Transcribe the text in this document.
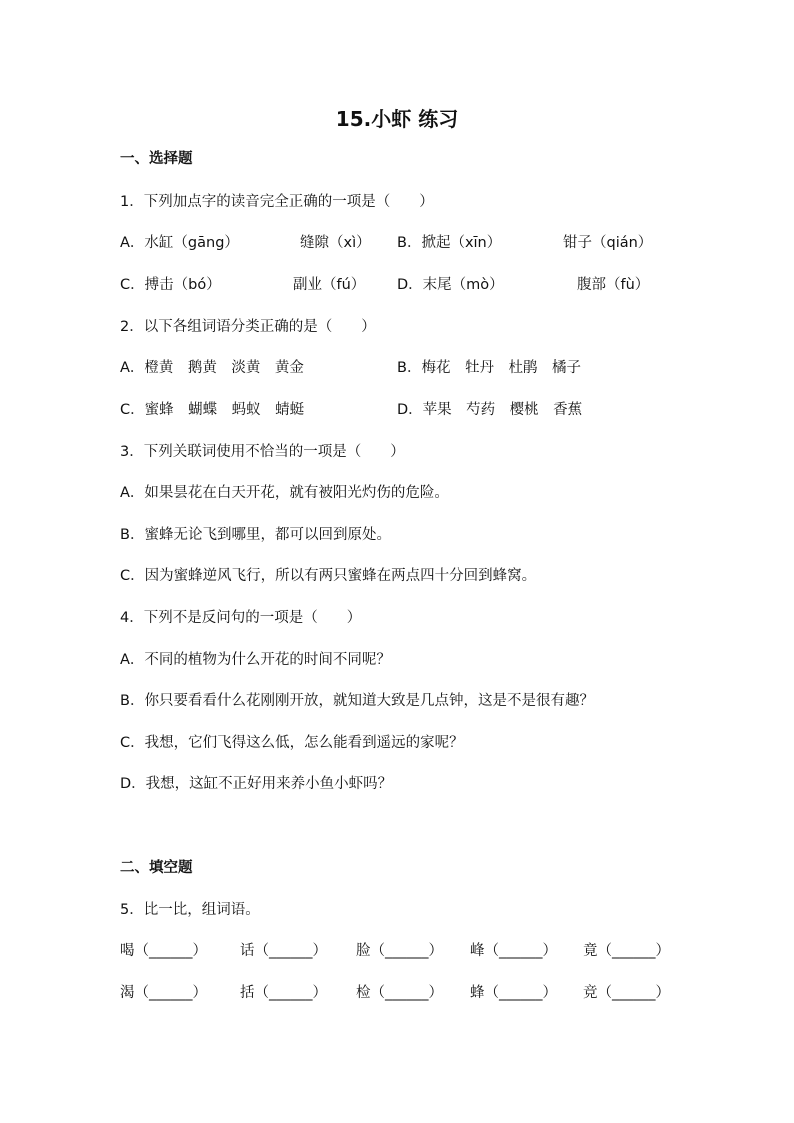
15.小虾 练习
一、选择题
1．下列加点字的读音完全正确的一项是（　　）
A．水缸（gāng）	缝隙（xì） B．掀起（xīn）	钳子（qián）
C．搏击（bó）	副业（fú） D．末尾（mò）	腹部（fù）
2．以下各组词语分类正确的是（　　）
A．橙黄　鹅黄　淡黄　黄金	B．梅花　牡丹　杜鹃　橘子
C．蜜蜂　蝴蝶　蚂蚁　蜻蜓	D．苹果　芍药　樱桃　香蕉
3．下列关联词使用不恰当的一项是（　　）
A．如果昙花在白天开花，就有被阳光灼伤的危险。
B．蜜蜂无论飞到哪里，都可以回到原处。
C．因为蜜蜂逆风飞行，所以有两只蜜蜂在两点四十分回到蜂窝。
4．下列不是反问句的一项是（　　）
A．不同的植物为什么开花的时间不同呢？
B．你只要看看什么花刚刚开放，就知道大致是几点钟，这是不是很有趣？
C．我想，它们飞得这么低，怎么能看到遥远的家呢？
D．我想，这缸不正好用来养小鱼小虾吗？
二、填空题
5．比一比，组词语。
喝（______） 话（______） 脸（______） 峰（______） 竟（______）
渴（______） 括（______） 检（______） 蜂（______） 竞（______）
